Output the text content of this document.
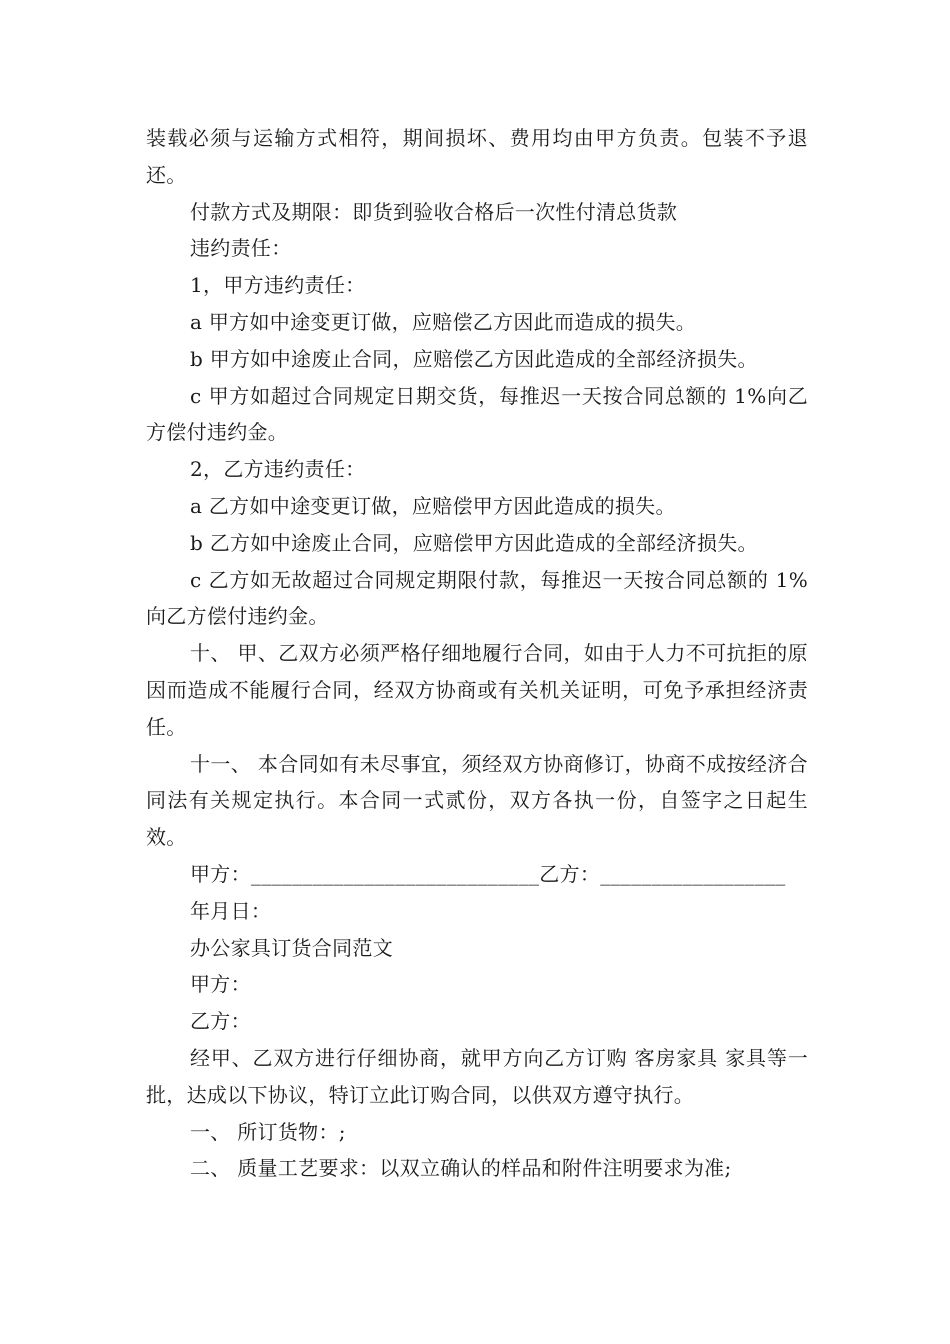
装载必须与运输方式相符，期间损坏、费用均由甲方负责。包装不予退还。

付款方式及期限：即货到验收合格后一次性付清总货款

违约责任：

1，甲方违约责任：

a 甲方如中途变更订做，应赔偿乙方因此而造成的损失。

b 甲方如中途废止合同，应赔偿乙方因此造成的全部经济损失。

c 甲方如超过合同规定日期交货，每推迟一天按合同总额的 1%向乙方偿付违约金。

2，乙方违约责任：

a 乙方如中途变更订做，应赔偿甲方因此造成的损失。

b 乙方如中途废止合同，应赔偿甲方因此造成的全部经济损失。

c 乙方如无故超过合同规定期限付款，每推迟一天按合同总额的 1%向乙方偿付违约金。

十、 甲、乙双方必须严格仔细地履行合同，如由于人力不可抗拒的原因而造成不能履行合同，经双方协商或有关机关证明，可免予承担经济责任。

十一、 本合同如有未尽事宜，须经双方协商修订，协商不成按经济合同法有关规定执行。本合同一式贰份，双方各执一份，自签字之日起生效。

甲方：____________________________乙方：__________________

年月日：

办公家具订货合同范文

甲方：

乙方：

经甲、乙双方进行仔细协商，就甲方向乙方订购 客房家具 家具等一批，达成以下协议，特订立此订购合同，以供双方遵守执行。

一、 所订货物：;

二、 质量工艺要求：以双立确认的样品和附件注明要求为准;
